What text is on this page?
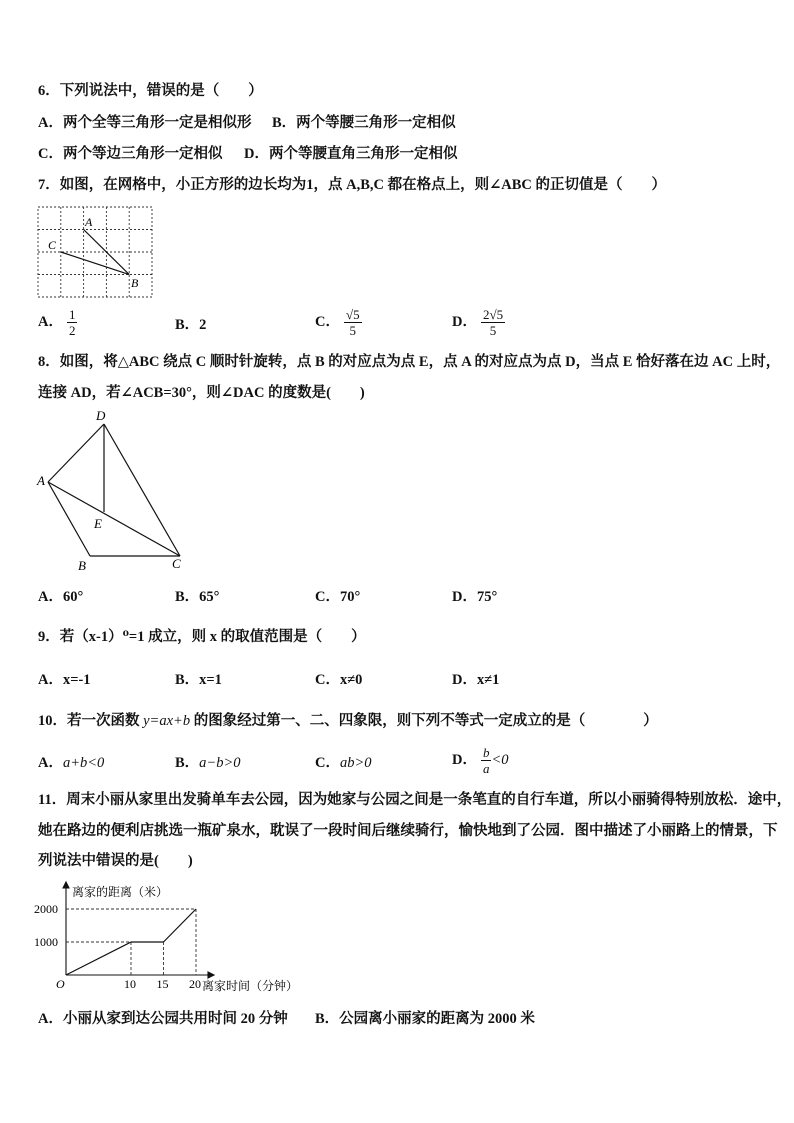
6．下列说法中，错误的是（　　）
A．两个全等三角形一定是相似形 B．两个等腰三角形一定相似
C．两个等边三角形一定相似 D．两个等腰直角三角形一定相似
7．如图，在网格中，小正方形的边长均为1，点 A,B,C 都在格点上，则∠ABC 的正切值是（　　）
A
C
B
A． $\frac{1}{2}$	B．2	C． $\frac{√5}{5}$	D． $\frac{2√5}{5}$
8．如图，将△ABC 绕点 C 顺时针旋转，点 B 的对应点为点 E，点 A 的对应点为点 D，当点 E 恰好落在边 AC 上时，
连接 AD，若∠ACB=30°，则∠DAC 的度数是(　　)
D
A
E
B	C
A．60°	B．65°	C．70°	D．75°
9．若（x-1）⁰=1 成立，则 x 的取值范围是（　　）
A．x=-1	B．x=1	C．x≠0	D．x≠1
10．若一次函数 y=ax+b 的图象经过第一、二、四象限，则下列不等式一定成立的是（　　　　）
A．a+b<0	B．a−b>0	C．ab>0	D． $\frac{b}{a} <0$
11．周末小丽从家里出发骑单车去公园，因为她家与公园之间是一条笔直的自行车道，所以小丽骑得特别放松．途中，
她在路边的便利店挑选一瓶矿泉水，耽误了一段时间后继续骑行，愉快地到了公园．图中描述了小丽路上的情景，下
列说法中错误的是(　　)
离家的距离（米）
离家时间（分钟）
O	10 15 20
1000
2000
A．小丽从家到达公园共用时间 20 分钟 B．公园离小丽家的距离为 2000 米
